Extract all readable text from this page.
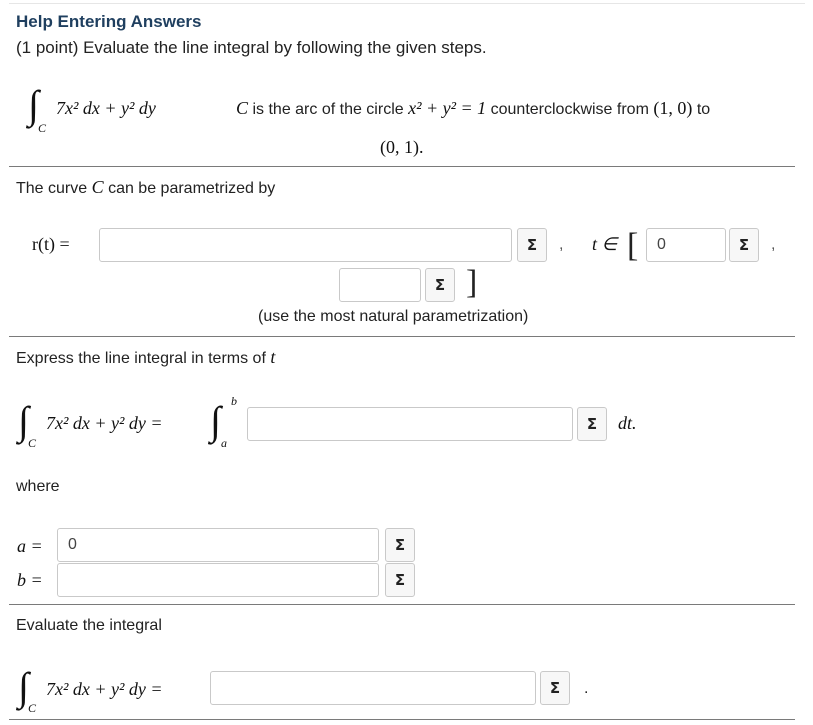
Help Entering Answers
(1 point) Evaluate the line integral by following the given steps.
∫
C
7x² dx + y² dy	C is the arc of the circle x² + y² = 1 counterclockwise from (1, 0) to
(0, 1).
The curve C can be parametrized by
r(t) =	Σ	, t ∈ [	0	Σ	,
Σ ]
(use the most natural parametrization)
Express the line integral in terms of t
∫ C
7x² dx + y² dy = ∫ b
a
Σ	dt.
where
a =	0	Σ
b =	Σ
Evaluate the integral
∫ C
7x² dx + y² dy =	Σ	.
